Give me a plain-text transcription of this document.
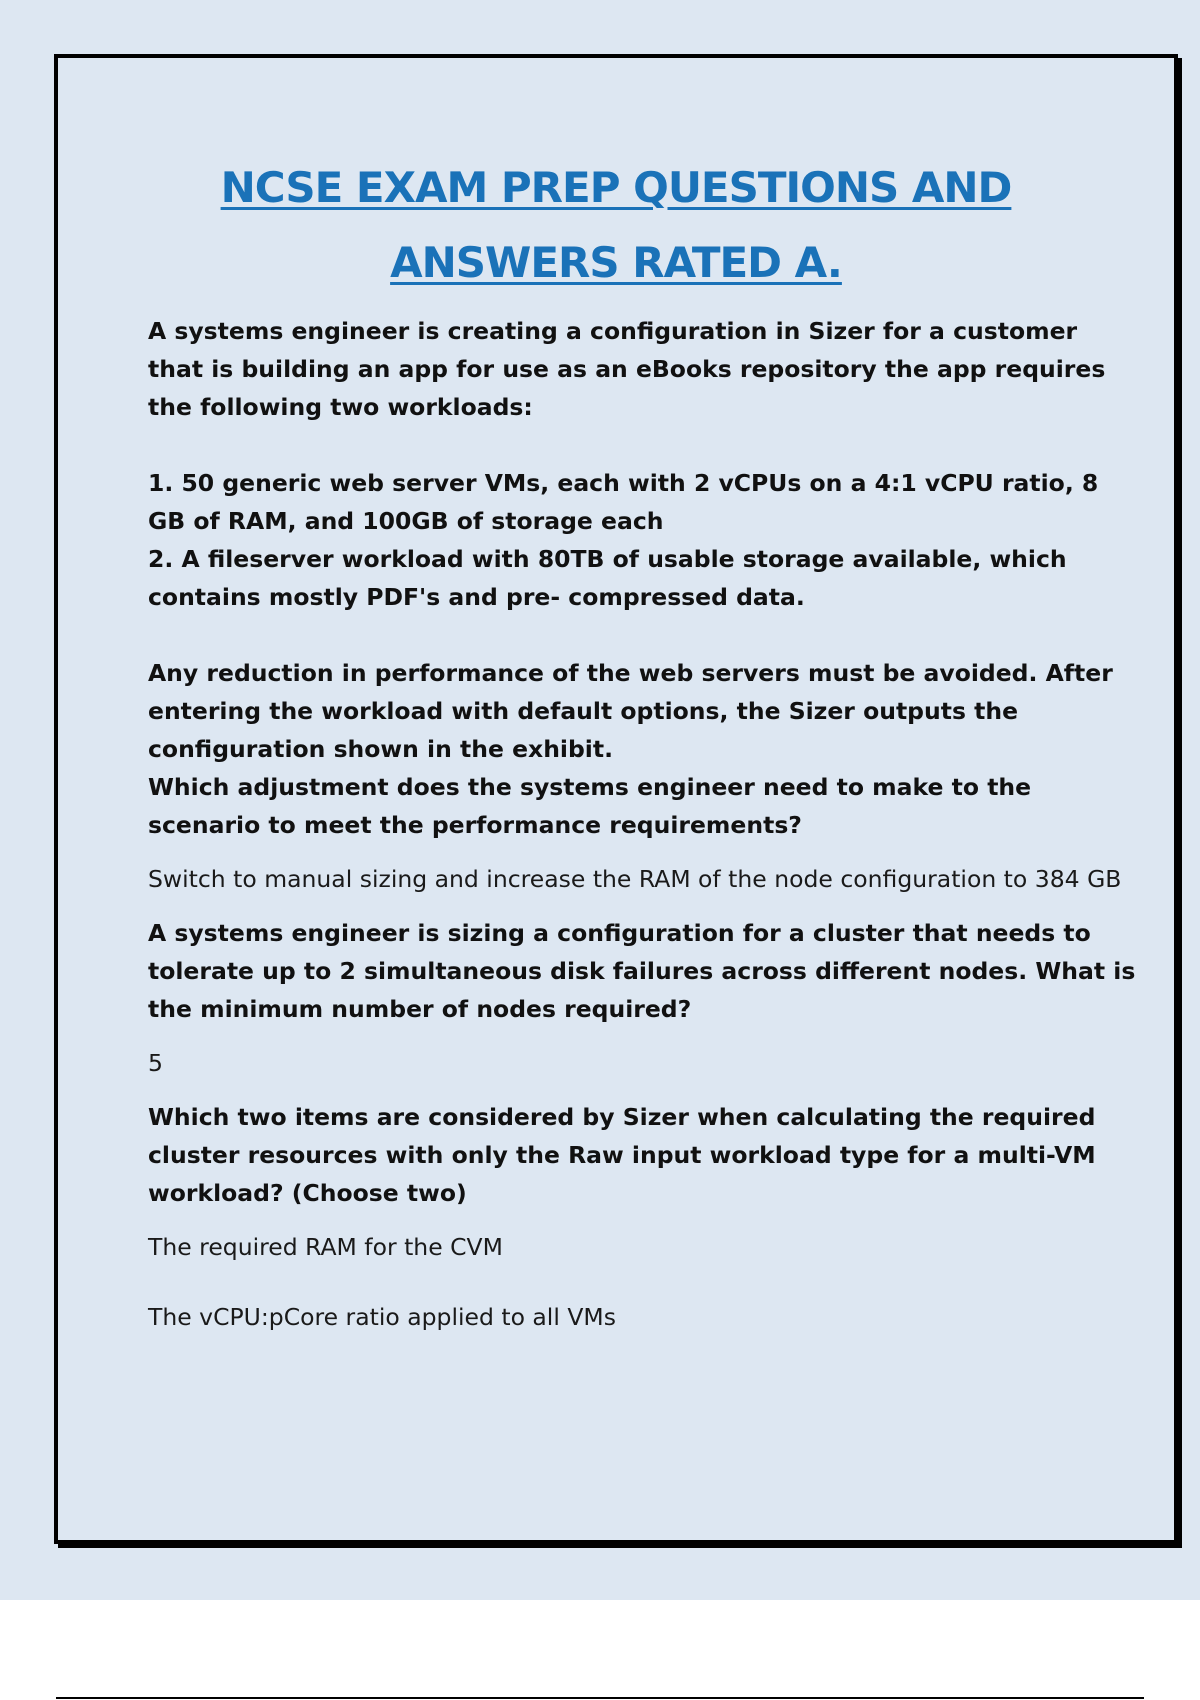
NCSE EXAM PREP QUESTIONS AND
ANSWERS RATED A.

A systems engineer is creating a configuration in Sizer for a customer that is building an app for use as an eBooks repository the app requires the following two workloads:

1. 50 generic web server VMs, each with 2 vCPUs on a 4:1 vCPU ratio, 8 GB of RAM, and 100GB of storage each

2. A fileserver workload with 80TB of usable storage available, which contains mostly PDF's and pre- compressed data.

Any reduction in performance of the web servers must be avoided. After entering the workload with default options, the Sizer outputs the configuration shown in the exhibit.

Which adjustment does the systems engineer need to make to the scenario to meet the performance requirements?

Switch to manual sizing and increase the RAM of the node configuration to 384 GB

A systems engineer is sizing a configuration for a cluster that needs to tolerate up to 2 simultaneous disk failures across different nodes. What is the minimum number of nodes required?

5

Which two items are considered by Sizer when calculating the required cluster resources with only the Raw input workload type for a multi-VM workload? (Choose two)

The required RAM for the CVM

The vCPU:pCore ratio applied to all VMs
